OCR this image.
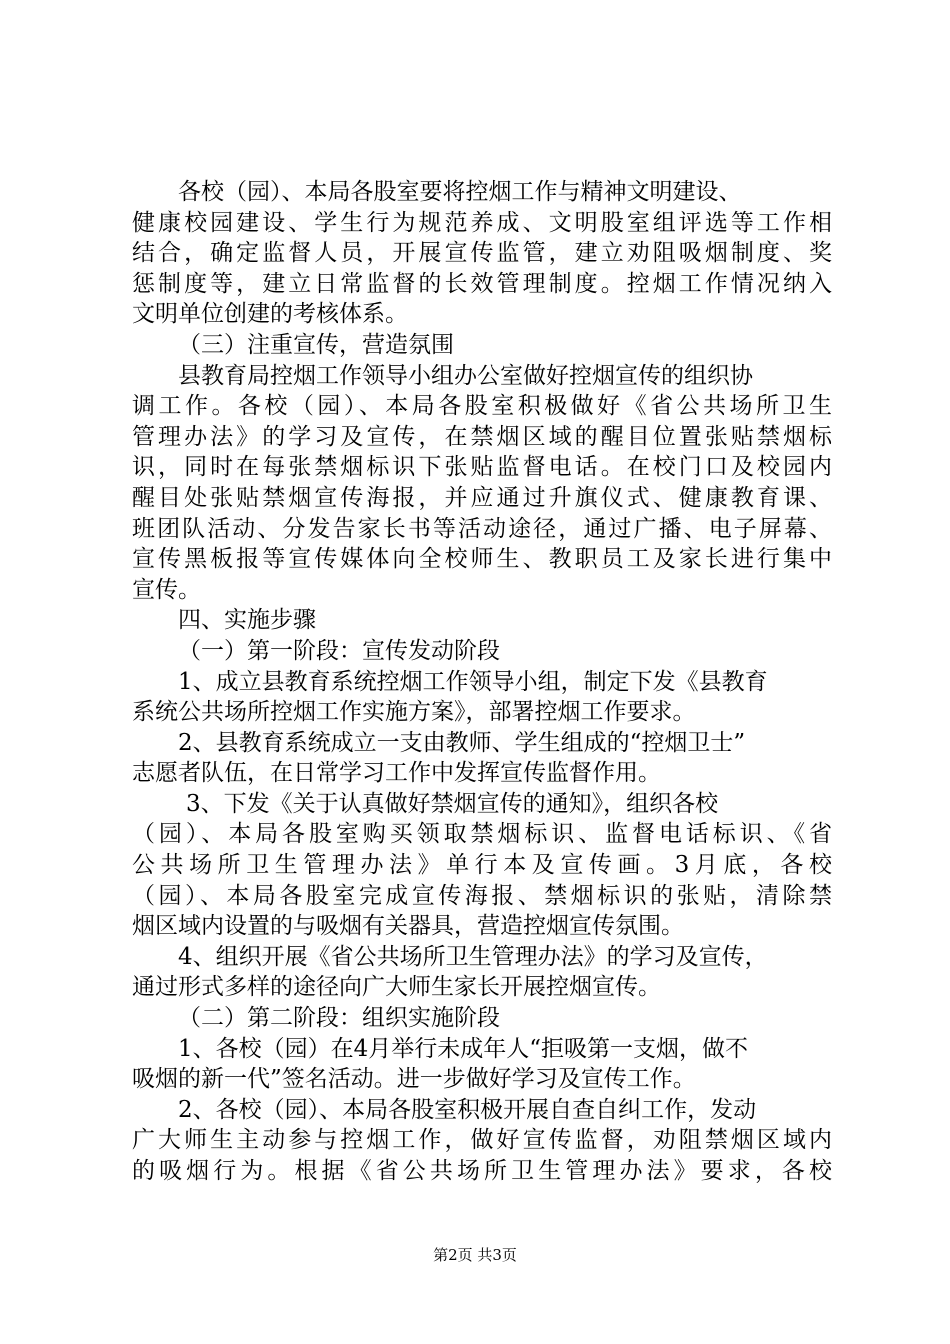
各校（园）、本局各股室要将控烟工作与精神文明建设、
健康校园建设、学生行为规范养成、文明股室组评选等工作相
结合，确定监督人员，开展宣传监管，建立劝阻吸烟制度、奖
惩制度等，建立日常监督的长效管理制度。控烟工作情况纳入
文明单位创建的考核体系。
（三）注重宣传，营造氛围
县教育局控烟工作领导小组办公室做好控烟宣传的组织协
调工作。各校（园）、本局各股室积极做好《省公共场所卫生
管理办法》的学习及宣传，在禁烟区域的醒目位置张贴禁烟标
识，同时在每张禁烟标识下张贴监督电话。在校门口及校园内
醒目处张贴禁烟宣传海报，并应通过升旗仪式、健康教育课、
班团队活动、分发告家长书等活动途径，通过广播、电子屏幕、
宣传黑板报等宣传媒体向全校师生、教职员工及家长进行集中
宣传。
四、实施步骤
（一）第一阶段：宣传发动阶段
1、成立县教育系统控烟工作领导小组，制定下发《县教育
系统公共场所控烟工作实施方案》，部署控烟工作要求。
2、县教育系统成立一支由教师、学生组成的“控烟卫士”
志愿者队伍，在日常学习工作中发挥宣传监督作用。
3、下发《关于认真做好禁烟宣传的通知》，组织各校
（园）、本局各股室购买领取禁烟标识、监督电话标识、《省
公共场所卫生管理办法》单行本及宣传画。3月底，各校
（园）、本局各股室完成宣传海报、禁烟标识的张贴，清除禁
烟区域内设置的与吸烟有关器具，营造控烟宣传氛围。
4、组织开展《省公共场所卫生管理办法》的学习及宣传，
通过形式多样的途径向广大师生家长开展控烟宣传。
（二）第二阶段：组织实施阶段
1、各校（园）在4月举行未成年人“拒吸第一支烟，做不
吸烟的新一代”签名活动。进一步做好学习及宣传工作。
2、各校（园）、本局各股室积极开展自查自纠工作，发动
广大师生主动参与控烟工作，做好宣传监督，劝阻禁烟区域内
的吸烟行为。根据《省公共场所卫生管理办法》要求，各校
第2页 共3页
